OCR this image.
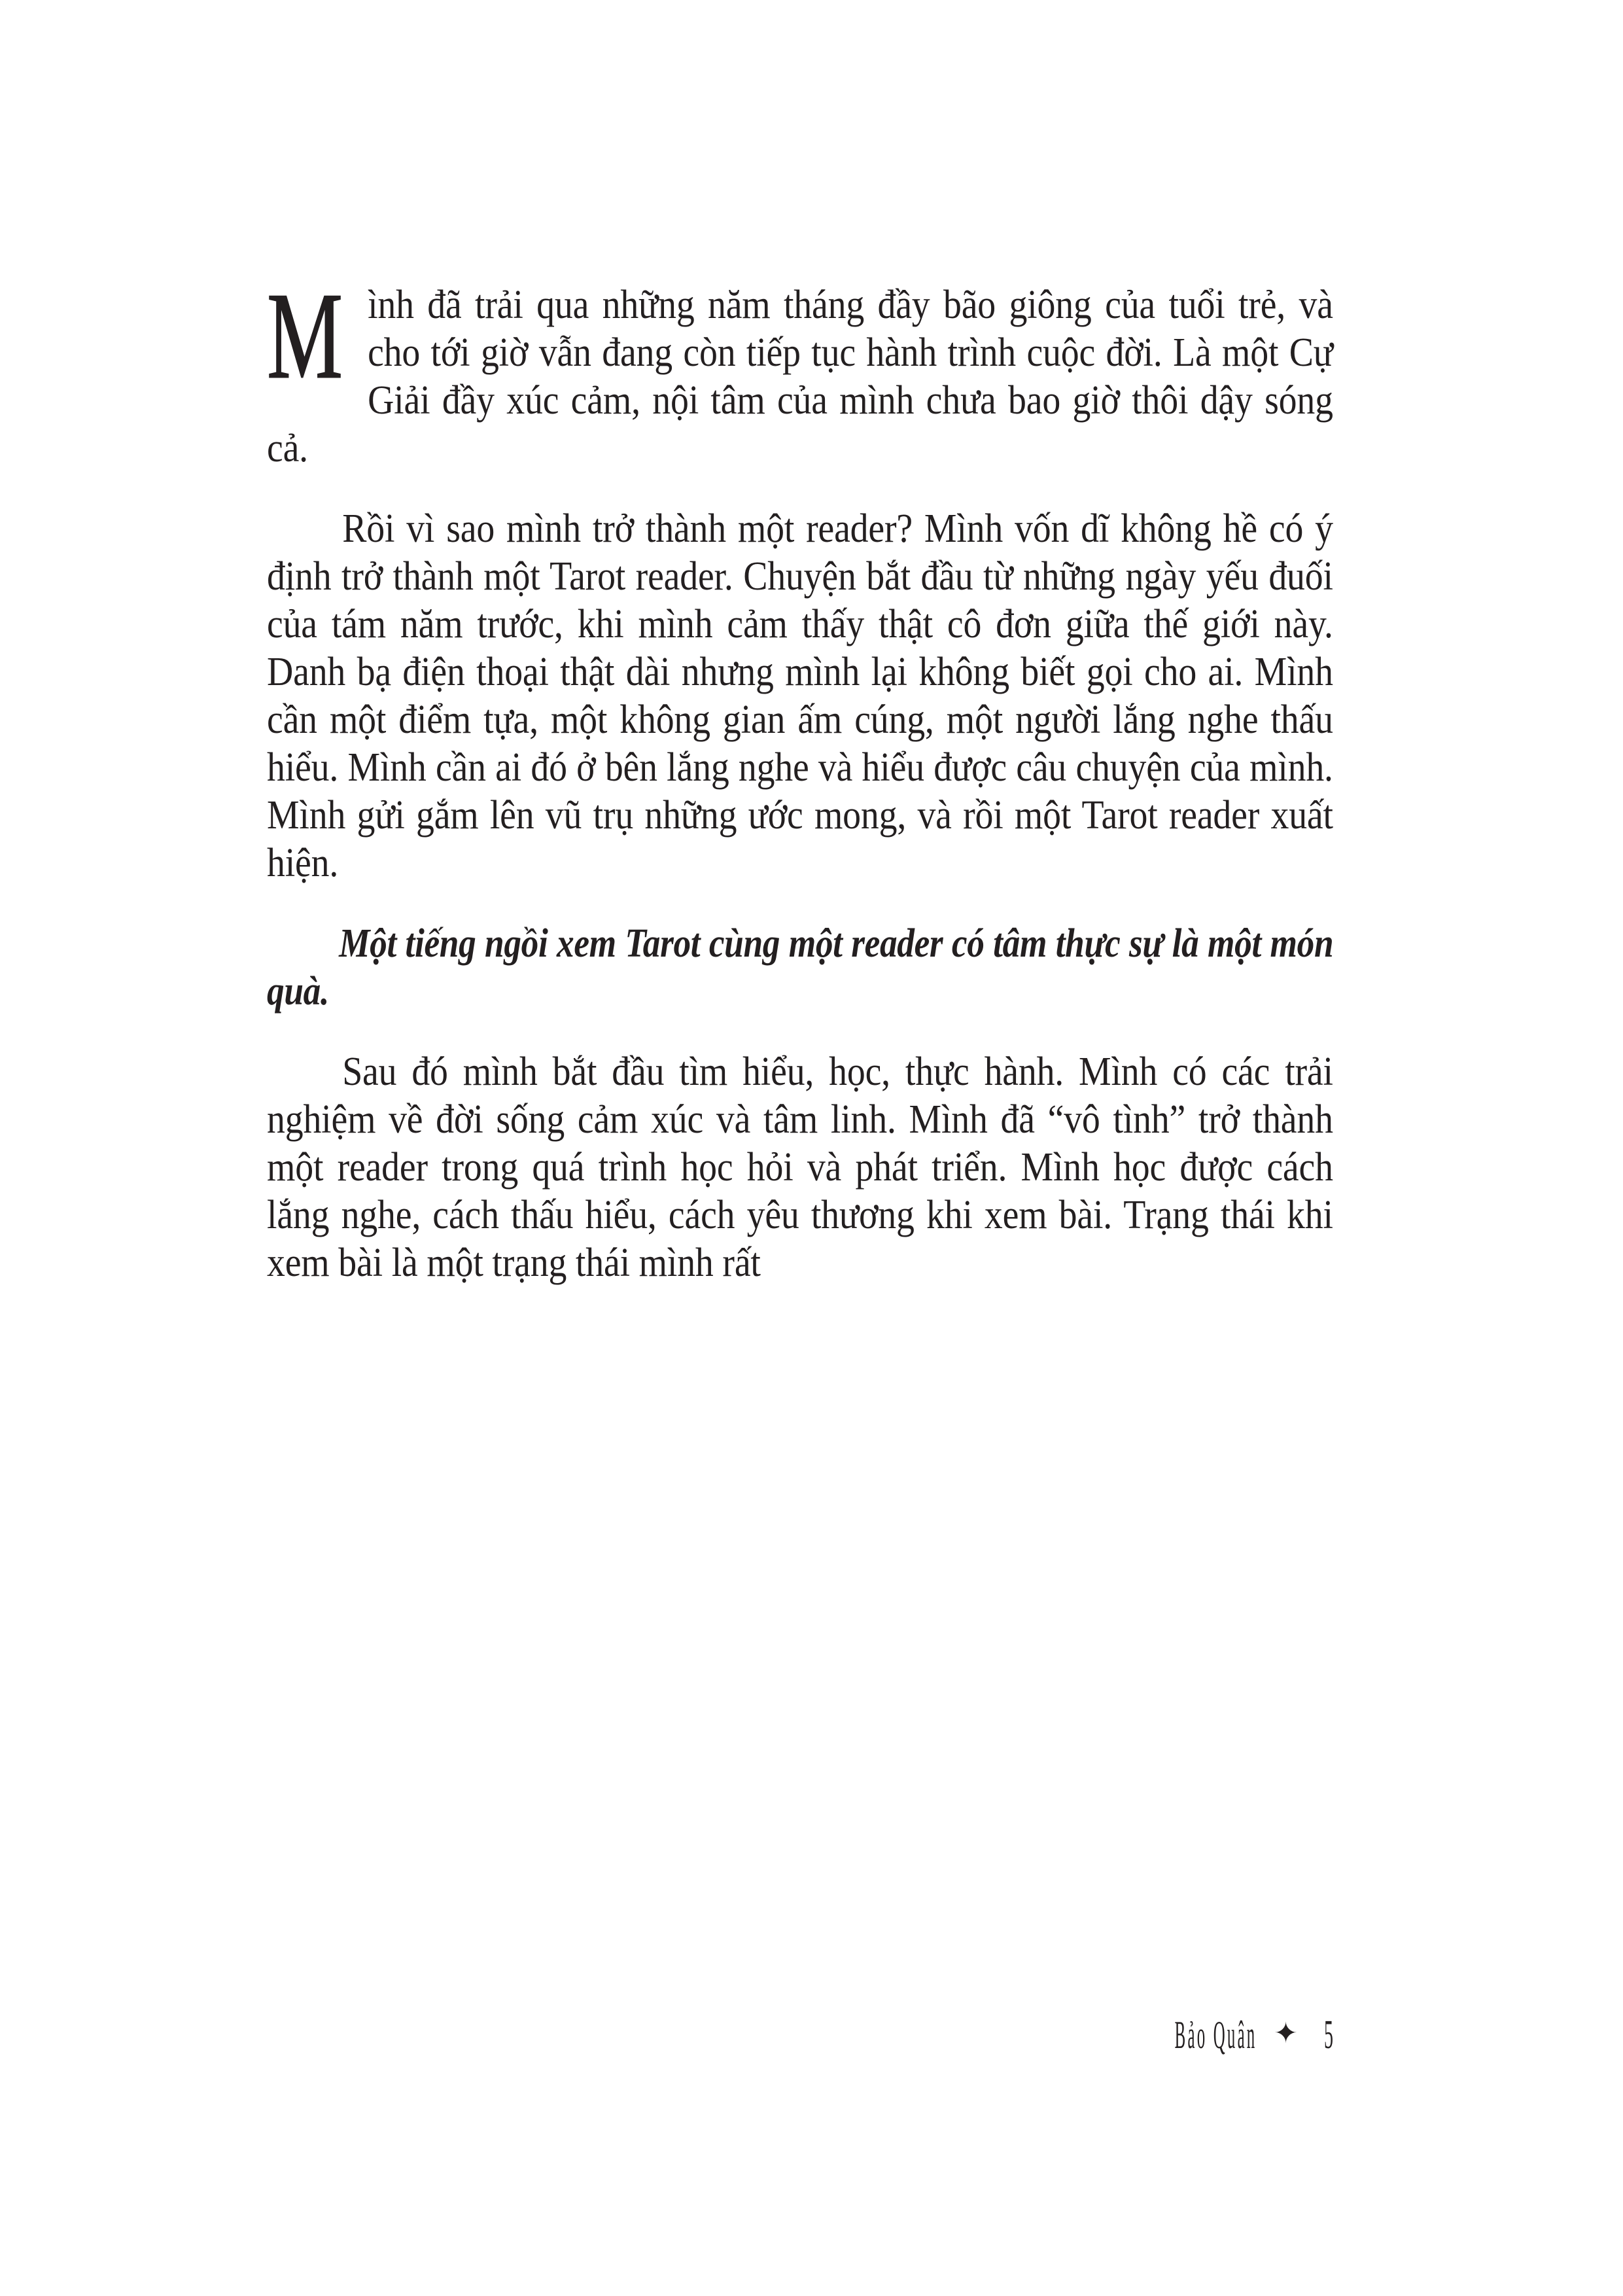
Mình đã trải qua những năm tháng đầy bão giông của tuổi trẻ, và cho tới giờ vẫn đang còn tiếp tục hành trình cuộc đời. Là một Cự Giải đầy xúc cảm, nội tâm của mình chưa bao giờ thôi dậy sóng cả.

Rồi vì sao mình trở thành một reader? Mình vốn dĩ không hề có ý định trở thành một Tarot reader. Chuyện bắt đầu từ những ngày yếu đuối của tám năm trước, khi mình cảm thấy thật cô đơn giữa thế giới này. Danh bạ điện thoại thật dài nhưng mình lại không biết gọi cho ai. Mình cần một điểm tựa, một không gian ấm cúng, một người lắng nghe thấu hiểu. Mình cần ai đó ở bên lắng nghe và hiểu được câu chuyện của mình. Mình gửi gắm lên vũ trụ những ước mong, và rồi một Tarot reader xuất hiện.

Một tiếng ngồi xem Tarot cùng một reader có tâm thực sự là một món quà.

Sau đó mình bắt đầu tìm hiểu, học, thực hành. Mình có các trải nghiệm về đời sống cảm xúc và tâm linh. Mình đã “vô tình” trở thành một reader trong quá trình học hỏi và phát triển. Mình học được cách lắng nghe, cách thấu hiểu, cách yêu thương khi xem bài. Trạng thái khi xem bài là một trạng thái mình rất

Bảo Quân ✦ 5
